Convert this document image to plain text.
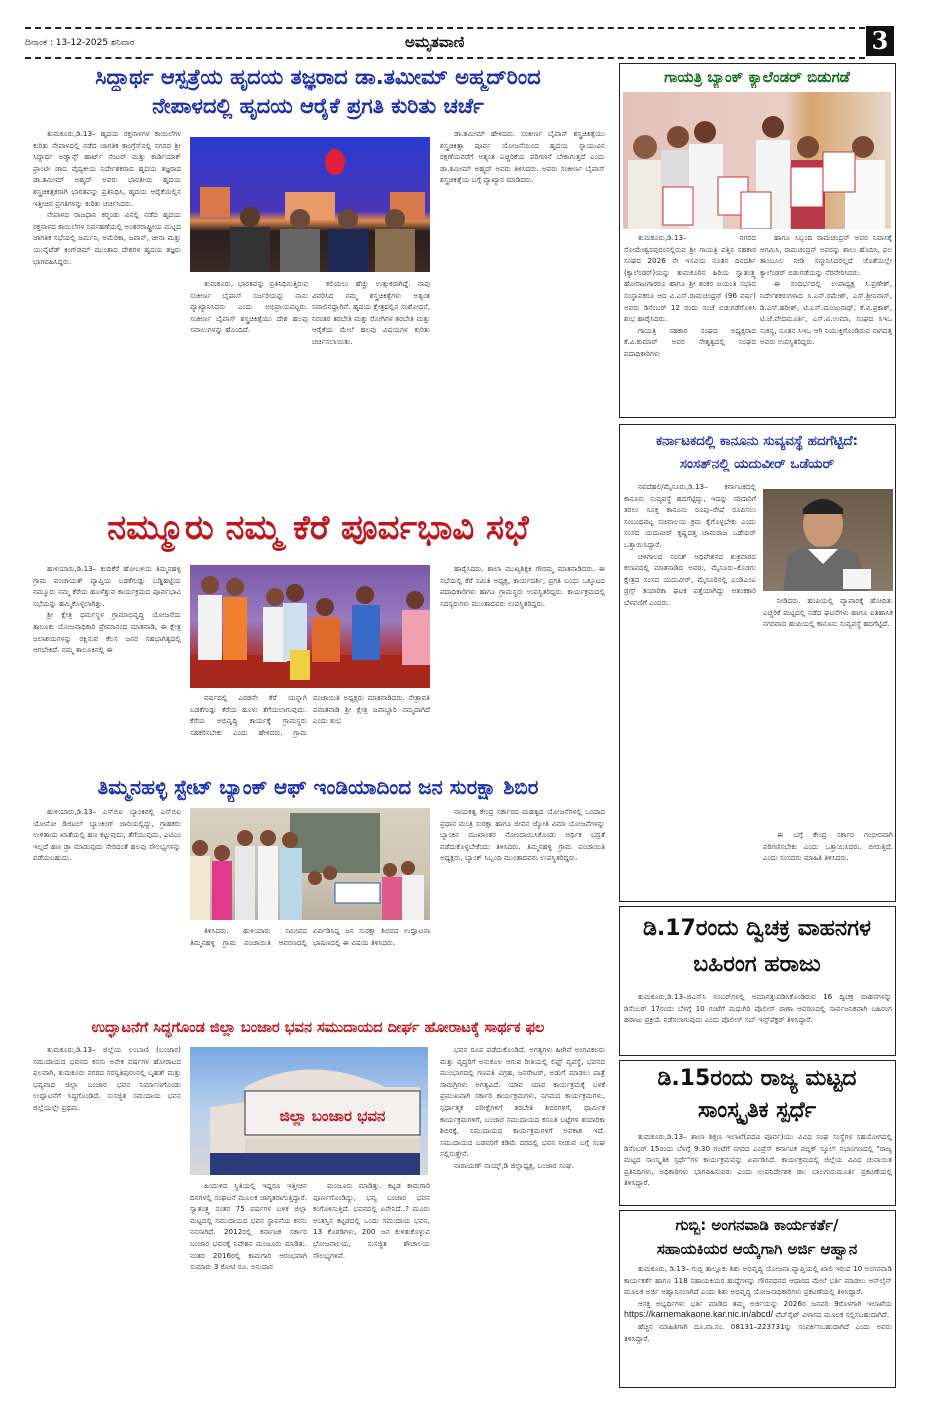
ದಿನಾಂಕ : 13-12-2025 ಶನಿವಾರ	ಅಮೃತವಾಣಿ	3
ಸಿದ್ಧಾರ್ಥ ಆಸ್ಪತ್ರೆಯ ಹೃದಯ ತಜ್ಞರಾದ ಡಾ.ತಮೀಮ್ ಅಹ್ಮದ್‌ರಿಂದ
ನೇಪಾಳದಲ್ಲಿ ಹೃದಯ ಆರೈಕೆ ಪ್ರಗತಿ ಕುರಿತು ಚರ್ಚೆ

ತುಮಕೂರು,ಡಿ.13– ಹೃದಯ ರಕ್ತನಾಳಗಳ ಕಾಯಿಲೆಗಳ ಕುರಿತು ನೇಪಾಳದಲ್ಲಿ ನಡೆದ ಜಾಗತಿಕ ಕಾಂಗ್ರೆಸ್‌ನಲ್ಲಿ ನಗರದ ಶ್ರೀ ಸಿದ್ಧಾರ್ಥ ಅಡ್ವಾನ್ಸ್ ಹಾರ್ಟ್ ಸೆಂಟರ್ ಮತ್ತು ಕಾರ್ಡಿಯಾಕ್ ಫ್ರಾಂಟೀ ಡಾದ ವೈದ್ಯಕೀಯ ನಿರ್ದೇಶಕರಾದ ಹೃದಯ ತಜ್ಞರಾದ ಡಾ.ತಮೀಮ್ ಅಹ್ಮದ್ ಅವರು ಭಾರತೀಯ ಹೃದಯ ಶಸ್ತ್ರಚಿಕಿತ್ಸಕರಾಗಿ ಭಾರತವನ್ನು ಪ್ರತಿನಿಧಿಸಿ, ಹೃದಯ ಆರೈಕೆಯಲ್ಲಿನ ಇತ್ತೀಚಿನ ಪ್ರಗತಿಗಳನ್ನು ಕುರಿತು ಚರ್ಚಿಸಿದರು.

ನೇಪಾಳದ ರಾಜಧಾನಿ ಕಠ್ಮಂಡು ವಿನಲ್ಲಿ ನಡೆದ ಹೃದಯ ರಕ್ತನಾಳದ ಕಾಯಿಲೆಗಳ ನಿರ್ವಹಣೆಯಲ್ಲಿ ಅಂತರರಾಷ್ಟ್ರೀಯ ಮಟ್ಟದ ಜಾಗತಿಕ ಸಭೆಯಲ್ಲಿ ಜರ್ಮನಿ, ಅಮೆರಿಕಾ, ಜಪಾನ್, ಚೀನಾ ಮತ್ತು ಯುನೈಟೆಡ್ ಕಿಂಗ್‌ಡಮ್ ಮುಂತಾದ ದೇಶಗಳ ಹೃದಯ ತಜ್ಞರು ಭಾಗವಹಿಸಿದ್ದರು.

ತುಮಕೂರು, ಭಾರತವನ್ನು ಪ್ರತಿನಿಧಿಸುತ್ತಿರುವ ಸಂಕೀರ್ಣ ಬೈಪಾಸ್ ಸರ್ಜರಿಯನ್ನು ನಾನು ವ್ಯಾಖ್ಯಾನಿಸಿದರು ಎಂದು ಅಭಿಪ್ರಾಯಪಟ್ಟರು. ಸಂಕೀರ್ಣ ಬೈಪಾಸ್ ಶಸ್ತ್ರಚಿಕಿತ್ಸೆಯು ದೇಶ ಹಲವು ಸವಾಲುಗಳನ್ನು ಹೊಂದಿದೆ.

ಕಲಿಯಲು ಹೆಚ್ಚು ಉತ್ಸುಕರಾಗಿದ್ದೆ. ನಾವು ವಿವರಿಸಿದ ನಮ್ಮ ಶಸ್ತ್ರಚಿಕಿತ್ಸೆಗಳು ಅತ್ಯಂತ ಸವಾಲಿನದ್ದಾಗಿವೆ. ಹೃದಯ ಕ್ಷೇತ್ರದಲ್ಲಿನ ಸಂಶೋಧನೆ, ನಿರಂತರ ತರಬೇತಿ ಮತ್ತು ರೋಗಿಗಳ ತರಬೇತಿ ಮತ್ತು ಆರೈಕೆಯ ಮೇಲೆ ಹಲವು ವಿಷಯಗಳ ಕುರಿತು ಚರ್ಚಿಸಲಾಯಿತು.

ಡಾ.ತಮೀಮ್ ಹೇಳಿದರು. ಸಂಕೀರ್ಣ ಬೈಪಾಸ್ ಶಸ್ತ್ರಚಿಕಿತ್ಸೆಯು ಶಸ್ತ್ರಚಿಕಿತ್ಸಾ ಪೂರ್ವ ಯೋಜನೆಯಿಂದ ಹೃದಯ ಸ್ನಾಯುವಿನ ರಕ್ಷಣೆಯವರೆಗೆ ಅತ್ಯಂತ ಎಚ್ಚರಿಕೆಯ ಪರಿಗಣನೆ ಬೇಕಾಗುತ್ತದೆ ಎಂದು ಡಾ.ತಮೀಮ್ ಅಹ್ಮದ್ ಅವರು ತಿಳಿಸಿದರು. ಅವರು ಸಂಕೀರ್ಣ ಬೈಪಾಸ್ ಶಸ್ತ್ರಚಿಕಿತ್ಸೆಯ ಬಗ್ಗೆ ವ್ಯಾಖ್ಯಾನ ಮಾಡಿದರು.

ಗಾಯತ್ರಿ ಬ್ಯಾಂಕ್ ಕ್ಯಾಲೆಂಡರ್ ಬಿಡುಗಡೆ

ತುಮಕೂರು,ಡಿ.13– ನಗರದ ಸೋಮೇಶ್ವರಪುರಂನಲ್ಲಿರುವ ಶ್ರೀ ಗಾಯತ್ರಿ ಪತ್ತಿನ ಸಹಕಾರ ಸಂಘದ 2026 ನೇ ಇಸವಿಯ ನೂತನ ದಿನದರ್ಶಿ (ಕ್ಯಾಲೆಂಡರ್)ಯನ್ನು ತುಮಕೂರಿನ ಹಿರಿಯ ಸ್ವಾತಂತ್ರ್ಯ ಹೋರಾಟಗಾರರೂ ಹಾಗೂ ಶ್ರೀ ಶಂಕರ ಜಯಂತಿ ಸಭಾದ ಸಂಸ್ಥಾಪಕರೂ ಆದ ವಿ.ಎಸ್.ರಾಮಚಂದ್ರನ್ (96 ವರ್ಷ) ಅವರು ಡಿಸೆಂಬರ್ 12 ರಂದು ಸಂಜೆ ಬಿಡುಗಡೆಗೊಳಿಸಿ ಶುಭ ಹಾರೈಸಿದರು.

ಗಾಯತ್ರಿ ಸಹಕಾರ ಸಂಘದ ಅಧ್ಯಕ್ಷರಾದ ಕೆ.ವಿ.ಕುಮಾರ್ ಅವರ ನೇತೃತ್ವದಲ್ಲಿ ಸಂಘದ ಪದಾಧಿಕಾರಿಗಳು

ಹಾಗೂ ಸಿಬ್ಬಂದಿ ರಾಮಚಂದ್ರನ್ ಅವರ ನಿವಾಸಕ್ಕೆ ಆಗಮಿಸಿ, ರಾಮಚಂದ್ರನ್ ಅವರನ್ನು ಶಾಲು ಹೊದಿಸಿ, ಫಲ ತಾಂಬೂಲ ನೀಡಿ ಸನ್ಮಾನಿಸಿದರಲ್ಲದೆ ಜೊತೆಯಲ್ಲೇ ಕ್ಯಾಲೆಂಡರ್ ಬಿಡುಗಡೆಯನ್ನು ನೆರವೇರಿಸಿದರು.

ಈ ಸಂದರ್ಭದಲ್ಲಿ ಉಪಾಧ್ಯಕ್ಷ ಸಿ.ಪ್ರಣೇಶ್, ನಿರ್ದೇಶಕರುಗಳಾದ ಸಿ.ಎನ್.ರಮೇಶ್, ಎಸ್.ಶ್ರೀನಿವಾಸ್, ಡಿ.ಎಸ್.ಹರೀಶ್, ಟಿ.ಎಸ್.ಮಂಜುನಾಥ್, ಕೆ.ವಿ.ಪ್ರಕಾಶ್, ಟಿ.ಜೆ.ವೇದಮೂರ್ತಿ, ಎಸ್.ವಿ.ಉಮಾ, ಸಂಘದ ಸಿಇಒ ಸುಕನ್ಯ, ನೂತನ ಸಿಇಒ ಆಗಿ ನಿಯುಕ್ತಿಗೊಂಡಿರುವ ನಾಗದತ್ತ ಅವರು ಉಪಸ್ಥಿತರಿದ್ದರು.

ಕರ್ನಾಟಕದಲ್ಲಿ ಕಾನೂನು ಸುವ್ಯವಸ್ಥೆ ಹದಗೆಟ್ಟಿದೆ:
ಸಂಸತ್‌ನಲ್ಲಿ ಯದುವೀರ್ ಒಡೆಯರ್

ನವದೆಹಲಿ/ಮೈಸೂರು,ಡಿ.13– ಕರ್ನಾಟಕದಲ್ಲಿ ಕಾನೂನು ಸುವ್ಯವಸ್ಥೆ ಹದಗೆಟ್ಟಿದ್ದು, ಇದನ್ನು ಸರಿದಾರಿಗೆ ತರಲು ಸೂಕ್ತ ಕಾನೂನು ರೂಪು–ರೇಷೆ ರೂಪಿಸಲು ಸಂಬಂಧಪಟ್ಟ ಸಚಿವಾಲಯ ಕ್ರಮ ಕೈಗೊಳ್ಳಬೇಕು ಎಂದು ಸಂಸದ ಯದುವೀರ್ ಕೃಷ್ಣದತ್ತ ಚಾಮರಾಜ ಒಡೆಯರ್ ಒತ್ತಾಯಿಸಿದ್ದಾರೆ.

ಚಳಿಗಾಲದ ಸಂಸತ್ ಅಧಿವೇಶನದ ಶುಕ್ರವಾರದ ಕಲಾಪದಲ್ಲಿ ಮಾತನಾಡಿದ ಅವರು, ಮೈಸೂರು–ಕೊಡಗು ಕ್ಷೇತ್ರದ ಸಂಸದ ಯದುವೀರ್, ಮೈಸೂರಿನಲ್ಲಿ ಎಂಡಿಎಂಎ ಡ್ರಗ್ಸ್ ತಯಾರಿಕಾ ಘಟಕ ಪತ್ತೆಯಾಗಿದ್ದು ಆತಂಕಕಾರಿ ಬೆಳವಣಿಗೆ ಎಂದರು.	ನೀಡಿದರು. ಹಂಪಿಯಲ್ಲಿ ವ್ಯಾಪಾರಕ್ಕೆ ಹೋದಿತ: ಎಚ್ಚರಿಕೆ ಮಟ್ಟದಲ್ಲಿ ನಡೆದ ಘಟನೆಗಳು ಹಾಗೂ ಐತಿಹಾಸಿಕ ನಗರವಾದ ಹಂಪಿಯಲ್ಲಿ ಕಾನೂನು ಸುವ್ಯವಸ್ಥೆ ಹದಗೆಟ್ಟಿದೆ.

ಈ ಬಗ್ಗೆ ಕೇಂದ್ರ ಸರ್ಕಾರ ಗಂಭೀರವಾಗಿ ಪರಿಗಣಿಸಬೇಕು ಎಂದು ಒತ್ತಾಯಿಸಿದರು. ಬೀರುತ್ತಿದೆ. ಎಂದು ಸಂಸದರು ಮಾಹಿತಿ ತಿಳಿಸಿದರು.

ನಮ್ಮೂರು ನಮ್ಮ ಕೆರೆ ಪೂರ್ವಭಾವಿ ಸಭೆ

ಹುಳಿಯಾರು,ಡಿ.13– ಕಂದಿಕೆರೆ ಹೋಬಳಿಯ ತಿಮ್ಮನಹಳ್ಳಿ ಗ್ರಾಮ ಪಂಚಾಯತ್ ವ್ಯಾಪ್ತಿಯ ಬಡಕೆಗುಡ್ಲು ಬಡ್ಡಿಹಟ್ಟಿಯ ನಮ್ಮೂರು ನಮ್ಮ ಕೆರೆಯ ಹೂಳೆತ್ತುವ ಕಾರ್ಯಕ್ರಮದ ಪೂರ್ವಭಾವಿ ಸಭೆಯನ್ನು ಹಮ್ಮಿಕೊಳ್ಳಲಾಗಿತ್ತು.

ಶ್ರೀ ಕ್ಷೇತ್ರ ಧರ್ಮಸ್ಥಳ ಗ್ರಾಮಾಭಿವೃದ್ಧಿ ಯೋಜನೆಯ ತಾಲೂಕು ಯೋಜನಾಧಿಕಾರಿ ಪ್ರೇಮಾನಂದ ಮಾತನಾಡಿ, ಈ ಕ್ಷೇತ್ರ ಜಲಾಶಯಗಳನ್ನು ರಕ್ಷಿಸುವ ಕೆಲಸ ಜನರ ಸಹಭಾಗಿತ್ವದಲ್ಲಿ ಆಗಬೇಕಿದೆ. ನಮ್ಮ ತಾಲೂಕಿನಲ್ಲಿ ಈ

ವರ್ಷದಲ್ಲಿ ಎರಡನೇ ಕೆರೆ ಯನ್ನಾಗಿ ಬಡಕೆಗುಡ್ಲು ಕೆರೆಯ ಹೂಳು ತೆಗೆಯಲಾಗುವುದು. ಕೆರೆಯ ಅಭಿವೃದ್ಧಿ ಕಾರ್ಯಕ್ಕೆ ಗ್ರಾಮಸ್ಥರು ಸಹಕರಿಸಬೇಕು ಎಂದು ಹೇಳಿದರು. ಗ್ರಾಮ ಪಂಚಾಯಿತಿ ಅಧ್ಯಕ್ಷರು ಮಾತನಾಡಿದರು. ನೇತ್ರಾವತಿ ಪವಾತನಾಡಿ ಶ್ರೀ ಕ್ಷೇತ್ರ ಜವಾಬ್ದಾರಿ ನಮ್ಮದಾಗಿದೆ ಎಂದು ಶುಭ

ಹಾರೈಸಿದರು. ಶಾಲಾ ಮುಖ್ಯಶಿಕ್ಷಕಿ ಗೌರಮ್ಮ ಮಾತನಾಡಿದರು. ಈ ಸಭೆಯಲ್ಲಿ ಕೆರೆ ಸಮಿತಿ ಅಧ್ಯಕ್ಷ, ಕಾರ್ಯದರ್ಶಿ, ಪ್ರಗತಿ ಬಂಧು ಒಕ್ಕೂಟದ ಪದಾಧಿಕಾರಿಗಳು ಹಾಗೂ ಗ್ರಾಮಸ್ಥರು ಉಪಸ್ಥಿತರಿದ್ದರು. ಕಾರ್ಯಕ್ರಮದಲ್ಲಿ ಸದಸ್ಯರುಗಳು ಮುಂತಾದವರು ಉಪಸ್ಥಿತರಿದ್ದರು.

ತಿಮ್ಮನಹಳ್ಳಿ ಸ್ಟೇಟ್ ಬ್ಯಾಂಕ್ ಆಫ್ ಇಂಡಿಯಾದಿಂದ ಜನ ಸುರಕ್ಷಾ ಶಿಬಿರ

ಹುಳಿಯಾರು,ಡಿ.13– ಎಸ್‌ಬಿಐ ಬ್ಯಾಂಕಿನಲ್ಲಿ ಎಸ್‌ಬಿಐ ಯೋನೋ ಡಿಜಿಟಲ್ ಬ್ಯಾಂಕಿಂಗ್ ಜಾರಿಯಲ್ಲಿದ್ದು, ಗ್ರಾಹಕರು ಉಳಿತಾಯ ಖಾತೆಯಲ್ಲಿ ಹಣ ಕಟ್ಟುವುದು, ತೆಗೆಯುವುದು, ಎಟಿಎಂ ಇಲ್ಲದೆ ಹಣ ಡ್ರಾ ಮಾಡುವುದು ಸೇರಿದಂತೆ ಹಲವು ಸೌಲಭ್ಯಗಳನ್ನು ಪಡೆಯಬಹುದು.

ತಿಳಿಸಿದರು. ಹುಳಿಯಾರು ಸಮೀಪದ ತಿಮ್ಮನಹಳ್ಳಿ ಗ್ರಾಮ ಪಂಚಾಯಿತಿ ಆವರಣದಲ್ಲಿ ಏರ್ಪಡಿಸಿದ್ದ ಜನ ಸುರಕ್ಷಾ ಶಿಬಿರದ ಉದ್ಘಾಟನಾ ಭಾಷಣದಲ್ಲಿ ಈ ವಿಷಯ ತಿಳಿಸಿದರು.

ನಾಯಕತ್ವ ಕೇಂದ್ರ ಸರ್ಕಾರದ ಮಹತ್ವದ ಯೋಜನೆಗಳಲ್ಲಿ ಒಂದಾದ ಪ್ರಧಾನ ಮಂತ್ರಿ ಸುರಕ್ಷಾ ಹಾಗೂ ಜೀವನ ಜ್ಯೋತಿ ವಿಮಾ ಯೋಜನೆಗಳನ್ನು ಬ್ಯಾಂಕಿನ ಮುಖಾಂತರ ನೋಂದಾಯಿಸಿಕೊಂಡು ಆರ್ಥಿಕ ಭದ್ರತೆ ಪಡೆದುಕೊಳ್ಳಬೇಕೆಂದು ತಿಳಿಸಿದರು. ತಿಮ್ಮನಹಳ್ಳಿ ಗ್ರಾಮ ಪಂಚಾಯಿತಿ ಅಧ್ಯಕ್ಷರು, ಬ್ಯಾಂಕ್ ಸಿಬ್ಬಂದಿ ಮುಂತಾದವರು ಉಪಸ್ಥಿತರಿದ್ದರು.

ಉದ್ಘಾಟನೆಗೆ ಸಿದ್ಧಗೊಂಡ ಜಿಲ್ಲಾ ಬಂಜಾರ ಭವನ ಸಮುದಾಯದ ದೀರ್ಘ ಹೋರಾಟಕ್ಕೆ ಸಾರ್ಥಕ ಫಲ

ತುಮಕೂರು,ಡಿ.13– ಜಿಲ್ಲೆಯ ಲಂಬಾಣಿ (ಬಂಜಾರ) ಸಮುದಾಯದ ಭವನದ ಕನಸು ಅನೇಕ ವರ್ಷಗಳ ಹೋರಾಟದ ಫಲವಾಗಿ, ತುಮಕೂರು ನಗರದ ಸರಸ್ವತಿಪುರಂನಲ್ಲಿ ಬೃಹತ್ ಮತ್ತು ಭವ್ಯವಾದ ಜಿಲ್ಲಾ ಬಂಜಾರ ಭವನ ನಿರ್ಮಾಣಗೊಂಡು ಉದ್ಘಾಟನೆಗೆ ಸಿದ್ಧಗೊಂಡಿದೆ. ಸುಸಜ್ಜಿತ ಸಮುದಾಯ ಭವನ ಜಿಲ್ಲೆಯಲ್ಲೇ ಪ್ರಥಮ.	ಜಿಲ್ಲಾ ಬಂಜಾರ ಭವನ

ಹಿಂದುಳಿದ ಸ್ಥಿತಿಯಲ್ಲಿ ಇದ್ದರೂ ಇತ್ತೀಚಿನ ದಿನಗಳಲ್ಲಿ ಸಂಘಟನೆ ಮೂಲಕ ಜಾಗೃತರಾಗುತ್ತಿದ್ದಾರೆ. ಸ್ವಾತಂತ್ರ್ಯ ನಂತರ 75 ವರ್ಷಗಳ ಬಳಿಕ ಜಿಲ್ಲಾ ಮಟ್ಟದಲ್ಲಿ ಸಮುದಾಯದ ಭವನ ಸ್ಥಾಪನೆಯ ಕನಸು ನನಸಾಗಿದೆ. 2012ರಲ್ಲಿ ಕರ್ನಾಟಕ ಸರ್ಕಾರ ಬಂಜಾರ ಭವನಕ್ಕೆ ನಿವೇಶನ ಮಂಜೂರು ಮಾಡಿತು. ನಂತರ 2016ರಲ್ಲಿ ಕಾಮಗಾರಿ ಆರಂಭವಾಗಿ ಸುಮಾರು 3 ಕೋಟಿ ರೂ. ಅನುದಾನ

ಮಂಜೂರು ಮಾಡಿತ್ತು. ಕಟ್ಟಡ ಕಾಮಗಾರಿ ಪೂರ್ಣಗೊಂಡಿದ್ದು, ಭವ್ಯ ಬಂಜಾರ ಭವನ ಕಂಗೊಳಿಸುತ್ತಿದೆ. ಭವನದಲ್ಲಿ ಏನೇನಿದೆ..? ಮೂರು ಅಂತಸ್ತಿನ ಕಟ್ಟಡದಲ್ಲಿ ಒಂದು ಸಮುದಾಯ ಭವನ, 13 ಕೊಠಡಿಗಳು, 200 ಜನ ಕುಳಿತುಕೊಳ್ಳುವ ಭೋಜನಾಲಯ, ಸುಸಜ್ಜಿತ ಶೌಚಾಲಯ ಸೌಲಭ್ಯಗಳಿವೆ.

ಭವನ ರೂಪ ಪಡೆದುಕೊಂಡಿದೆ. ಅಗತ್ಯಗಳು ಹೀಗಿವೆ ಅಂಗವಿಕಲರು ಮತ್ತು ವೃದ್ಧರಿಗೆ ಅನುಕೂಲ ಆಗುವ ರೀತಿಯಲ್ಲಿ ಲಿಫ್ಟ್ ವ್ಯವಸ್ಥೆ, ಭವನದ ಮುಂಭಾಗದಲ್ಲಿ ಗಣಪತಿ ವಿಗ್ರಹ, ಜನರೇಟರ್, ಅಡುಗೆ ಮಾಡಲು ಪಾತ್ರೆ ಸಾಮಗ್ರಿಗಳು ಅಗತ್ಯವಿದೆ. ಯಾವ ಯಾವ ಕಾರ್ಯಕ್ರಮಕ್ಕೆ ಬಳಕೆ ಪ್ರಮುಖವಾಗಿ ಸರ್ಕಾರಿ ಕಾರ್ಯಕ್ರಮಗಳು, ನಿಗಮದ ಕಾರ್ಯಕ್ರಮಗಳು, ಸ್ಪರ್ಧಾತ್ಮಕ ಪರೀಕ್ಷೆಗಳಿಗೆ ತರಬೇತಿ ಶಿಬಿರಗಳಿಗೆ, ಧಾರ್ಮಿಕ ಕಾರ್ಯಕ್ರಮಗಳಿಗೆ, ಬಂಜಾರ ಸಮುದಾಯದ ಕಸೂತಿ ಬಟ್ಟೆಗಳ ತಯಾರಿಕಾ ಶಿಬಿರಕ್ಕೆ, ಸಮುದಾಯದ ಕಾರ್ಯಕ್ರಮಗಳಿಗೆ ಅವಕಾಶ ಇದೆ. ಸಮುದಾಯದ ಬಡವರಿಗೆ ಕಡಿಮೆ ದರದಲ್ಲಿ ಭವನ ನೀಡುವ ಬಗ್ಗೆ ಸಂಘ ಸಲ್ಲಿಸುತ್ತೇನೆ.

ನಾರಾಯಣ್ ನಾಯ್ಕ್,ಡಿ ಜಿಲ್ಲಾಧ್ಯಕ್ಷ, ಬಂಜಾರ ಸಂಘ.

ಡಿ.17ರಂದು ದ್ವಿಚಕ್ರ ವಾಹನಗಳ
ಬಹಿರಂಗ ಹರಾಜು

ತುಮಕೂರು,ಡಿ.13–ಜಿಎಸ್‌ಸಿ ನಂಬರ್‌ಗಳಲ್ಲಿ ಅಮಾನತ್ತುಪಡಿಸಿಕೊಂಡಿರುವ 16 ದ್ವಿಚಕ್ರ ವಾಹನಗಳನ್ನು ಡಿಸೆಂಬರ್ 17ರಂದು ಬೆಳಗ್ಗೆ 10 ಗಂಟೆಗೆ ಮಧುಗಿರಿ ಪೊಲೀಸ್ ಠಾಣಾ ಆವರಣದಲ್ಲಿ ಸಾರ್ವಜನಿಕವಾಗಿ ಬಹಿರಂಗ ಹರಾಜು ಪ್ರಕ್ರಿಯೆ ನಡೆಸಲಾಗುವುದು ಎಂದು ಪೊಲೀಸ್ ಸಬ್ ಇನ್ಸ್‌ಪೆಕ್ಟರ್ ತಿಳಿಸಿದ್ದಾರೆ.

ಡಿ.15ರಂದು ರಾಜ್ಯ ಮಟ್ಟದ
ಸಾಂಸ್ಕೃತಿಕ ಸ್ಪರ್ಧೆ

ತುಮಕೂರು,ಡಿ.13– ಶಾಲಾ ಶಿಕ್ಷಣ ಇಲಾಖೆ(ಪದವಿ ಪೂರ್ವ)ಯು ವಿವಿಧ ಸಂಘ ಸಂಸ್ಥೆಗಳ ಸಹಯೋಗದಲ್ಲಿ ಡಿಸೆಂಬರ್ 15ರಂದು ಬೆಳಗ್ಗೆ 9.30 ಗಂಟೆಗೆ ನಗರದ ಎಂಪ್ರೆಸ್ ಕರ್ನಾಟಕ ಪಬ್ಲಿಕ್ ಸ್ಕೂಲ್ ಸಭಾಂಗಣದಲ್ಲಿ "ರಾಜ್ಯ ಮಟ್ಟದ ಸಾಂಸ್ಕೃತಿಕ ಸ್ಪರ್ಧೆ"ಗಳ ಕಾರ್ಯಕ್ರಮವನ್ನು ಏರ್ಪಡಿಸಿದೆ. ಕಾರ್ಯಕ್ರಮದಲ್ಲಿ ಜಿಲ್ಲೆಯ ವಿವಿಧ ಚುನಾಯಿತ ಪ್ರತಿನಿಧಿಗಳು, ಅಧಿಕಾರಿಗಳು ಭಾಗವಹಿಸುವರು ಎಂದು ಉಪನಿರ್ದೇಶಕ ಡಾ: ಬಾಲಗುರುಮೂರ್ತಿ ಪ್ರಕಟಣೆಯಲ್ಲಿ ತಿಳಿಸಿದ್ದಾರೆ.

ಗುಬ್ಬಿ: ಅಂಗನವಾಡಿ ಕಾರ್ಯಕರ್ತೆ/
ಸಹಾಯಕಿಯರ ಆಯ್ಕೆಗಾಗಿ ಅರ್ಜಿ ಆಹ್ವಾನ

ತುಮಕೂರು, ಡಿ.13– ಗುಬ್ಬಿ ತಾಲ್ಲೂಕು ಶಿಶು ಅಭಿವೃದ್ಧಿ ಯೋಜನಾ ವ್ಯಾಪ್ತಿಯಲ್ಲಿ ಖಾಲಿ ಇರುವ 10 ಅಂಗನವಾಡಿ ಕಾರ್ಯಕರ್ತೆ ಹಾಗೂ 118 ಸಹಾಯಕಿಯರ ಹುದ್ದೆಗಳನ್ನು ಗೌರವಧನದ ಆಧಾರದ ಮೇಲೆ ಭರ್ತಿ ಮಾಡಲು ಆನ್‌ಲೈನ್ ಮೂಲಕ ಅರ್ಜಿ ಆಹ್ವಾನಿಸಲಾಗಿದೆ ಎಂದು ಶಿಶು ಅಭಿವೃದ್ಧಿ ಯೋಜನಾಧಿಕಾರಿಗಳು ಪ್ರಕಟಣೆಯಲ್ಲಿ ತಿಳಿಸಿದ್ದಾರೆ.

ಆಸಕ್ತ ಅಭ್ಯರ್ಥಿಗಳು ಭರ್ತಿ ಮಾಡಿದ ತಮ್ಮ ಅರ್ಜಿಯನ್ನು 2026ರ ಜನವರಿ 9ರೊಳಗಾಗಿ ಇಲಾಖೆಯ https://karnemakaone.kar.nic.in/abcd/ ವೆಬ್‌ಸೈಟ್ ವಿಳಾಸದ ಮೂಲಕ ಸಲ್ಲಿಸಬಹುದಾಗಿದೆ.

ಹೆಚ್ಚಿನ ಮಾಹಿತಿಗಾಗಿ ದೂ.ವಾ.ಸಂ. 08131–223731ನ್ನು ಸಂಪರ್ಕಿಸಬಹುದಾಗಿದೆ ಎಂದು ಅವರು ತಿಳಿಸಿದ್ದಾರೆ.
